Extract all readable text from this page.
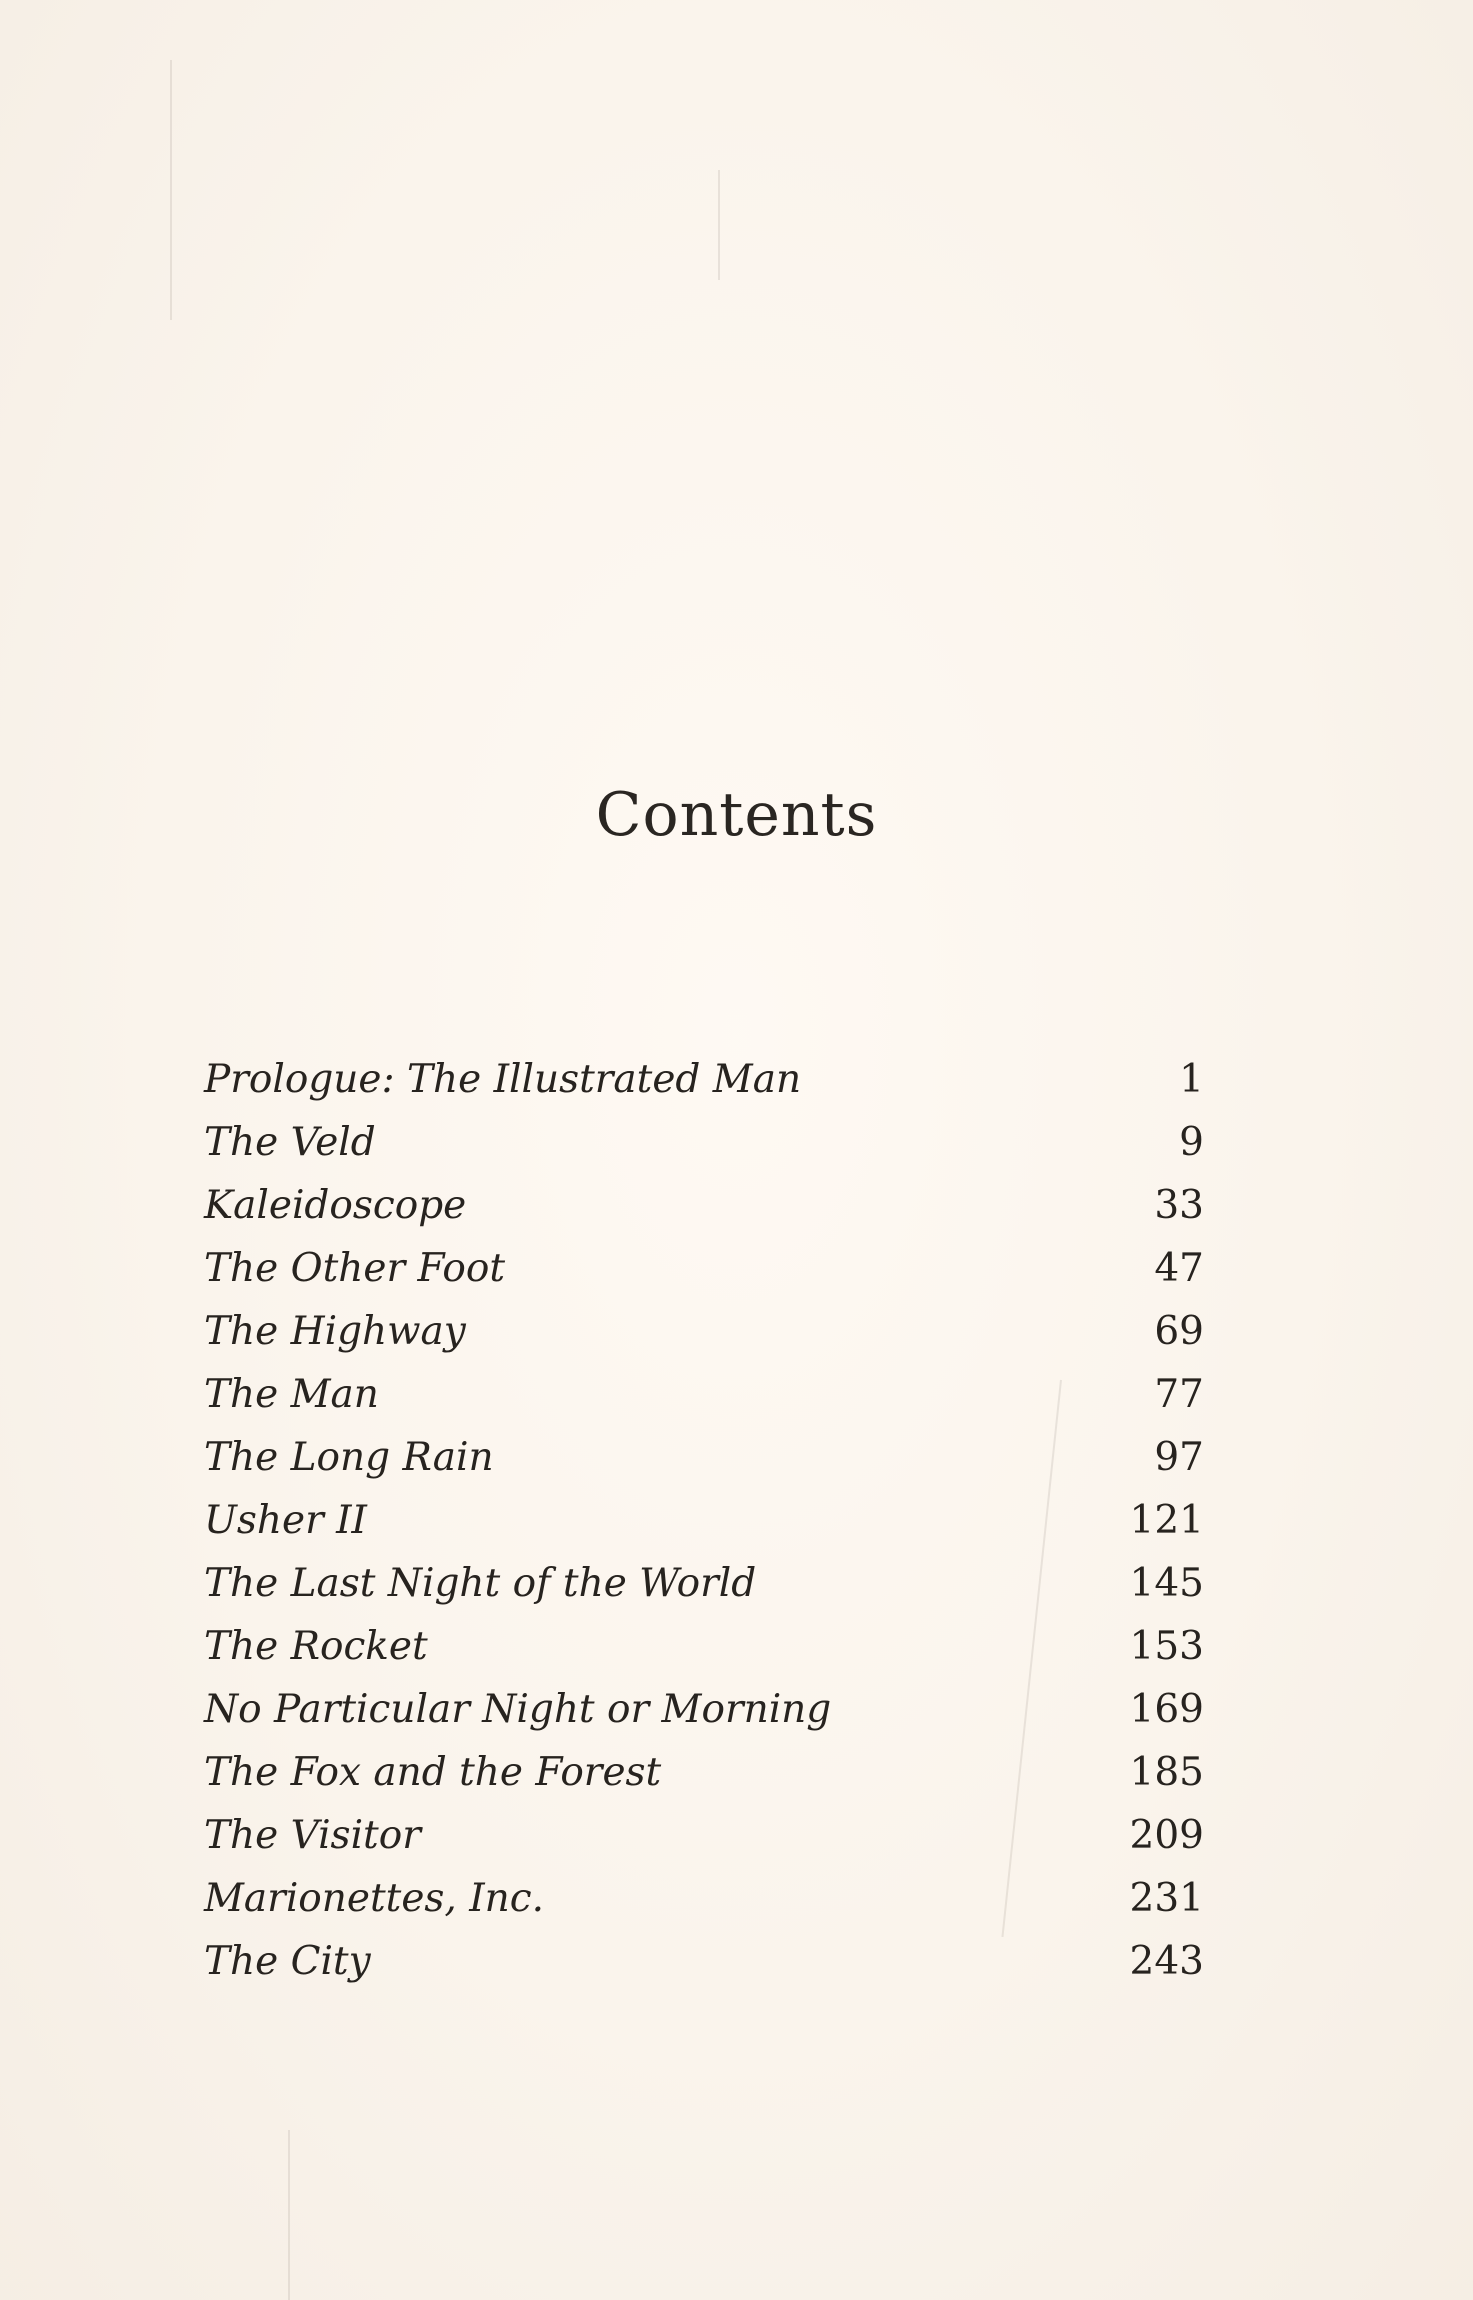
Contents
Prologue: The Illustrated Man	1
The Veld	9
Kaleidoscope	33
The Other Foot	47
The Highway	69
The Man	77
The Long Rain	97
Usher II	121
The Last Night of the World	145
The Rocket	153
No Particular Night or Morning	169
The Fox and the Forest	185
The Visitor	209
Marionettes, Inc.	231
The City	243
